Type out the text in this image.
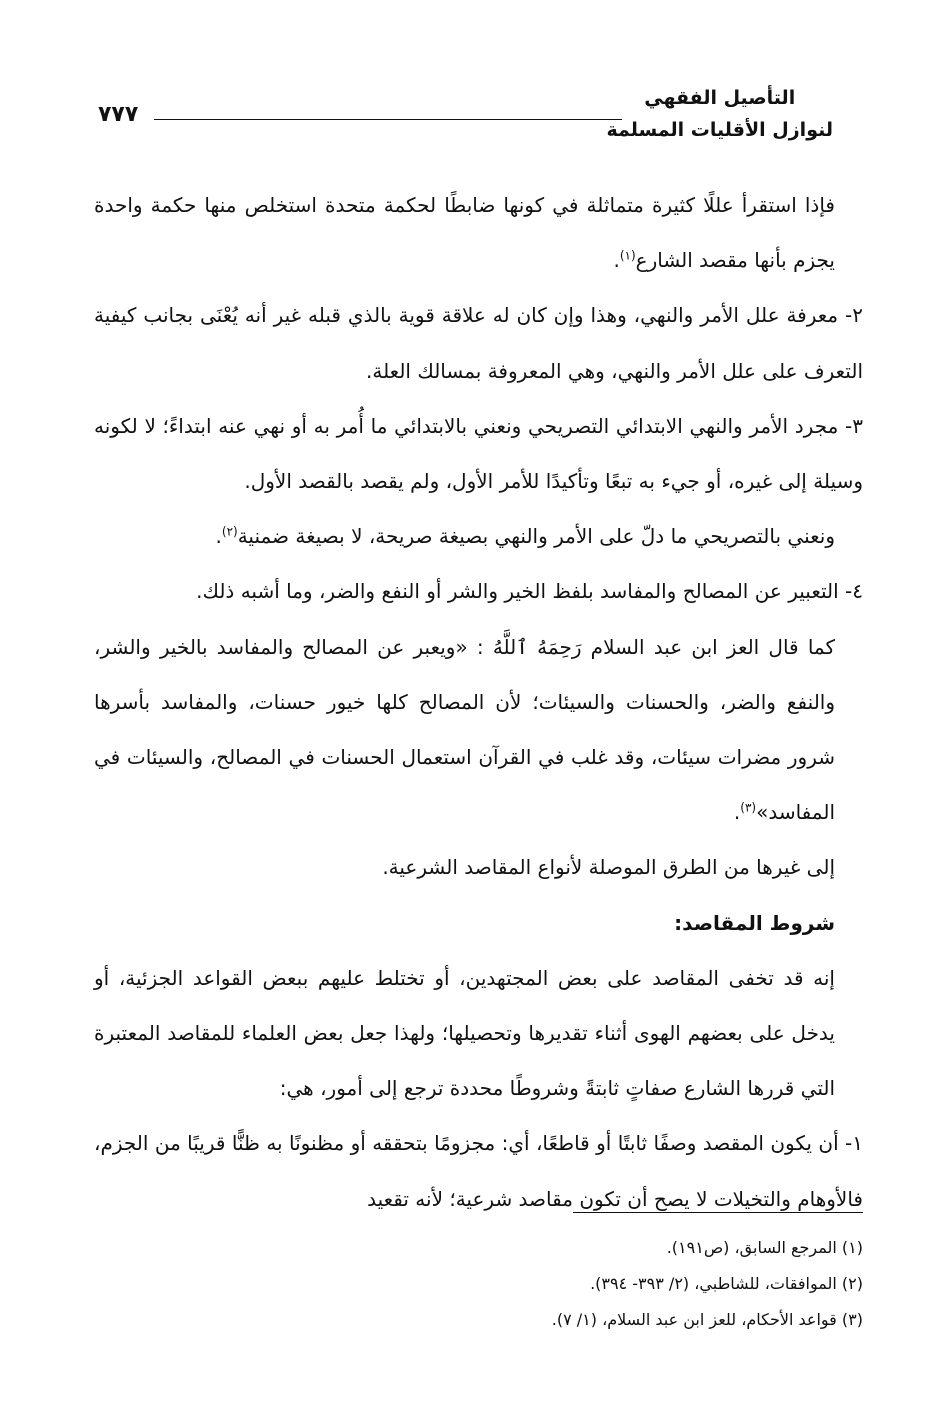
التأصيل الفقهي
لنوازل الأقليات المسلمة
٧٧٧

فإذا استقرأ عللًا كثيرة متماثلة في كونها ضابطًا لحكمة متحدة استخلص منها حكمة واحدة يجزم بأنها مقصد الشارع$^{(١)}$.

٢- معرفة علل الأمر والنهي، وهذا وإن كان له علاقة قوية بالذي قبله غير أنه يُعْنَى بجانب كيفية التعرف على علل الأمر والنهي، وهي المعروفة بمسالك العلة.

٣- مجرد الأمر والنهي الابتدائي التصريحي ونعني بالابتدائي ما أُمر به أو نهي عنه ابتداءً؛ لا لكونه وسيلة إلى غيره، أو جيء به تبعًا وتأكيدًا للأمر الأول، ولم يقصد بالقصد الأول.

ونعني بالتصريحي ما دلّ على الأمر والنهي بصيغة صريحة، لا بصيغة ضمنية$^{(٢)}$.

٤- التعبير عن المصالح والمفاسد بلفظ الخير والشر أو النفع والضر، وما أشبه ذلك.

كما قال العز ابن عبد السلام رَحِمَهُ ٱللَّهُ : «ويعبر عن المصالح والمفاسد بالخير والشر، والنفع والضر، والحسنات والسيئات؛ لأن المصالح كلها خيور حسنات، والمفاسد بأسرها شرور مضرات سيئات، وقد غلب في القرآن استعمال الحسنات في المصالح، والسيئات في المفاسد»$^{(٣)}$.

إلى غيرها من الطرق الموصلة لأنواع المقاصد الشرعية.

شروط المقاصد:

إنه قد تخفى المقاصد على بعض المجتهدين، أو تختلط عليهم ببعض القواعد الجزئية، أو يدخل على بعضهم الهوى أثناء تقديرها وتحصيلها؛ ولهذا جعل بعض العلماء للمقاصد المعتبرة التي قررها الشارع صفاتٍ ثابتةً وشروطًا محددة ترجع إلى أمور، هي:

١- أن يكون المقصد وصفًا ثابتًا أو قاطعًا، أي: مجزومًا بتحققه أو مظنونًا به ظنًّا قريبًا من الجزم، فالأوهام والتخيلات لا يصح أن تكون مقاصد شرعية؛ لأنه تقعيد

(١) المرجع السابق، (ص١٩١).
(٢) الموافقات، للشاطبي، (٢/ ٣٩٣- ٣٩٤).
(٣) قواعد الأحكام، للعز ابن عبد السلام، (١/ ٧).
